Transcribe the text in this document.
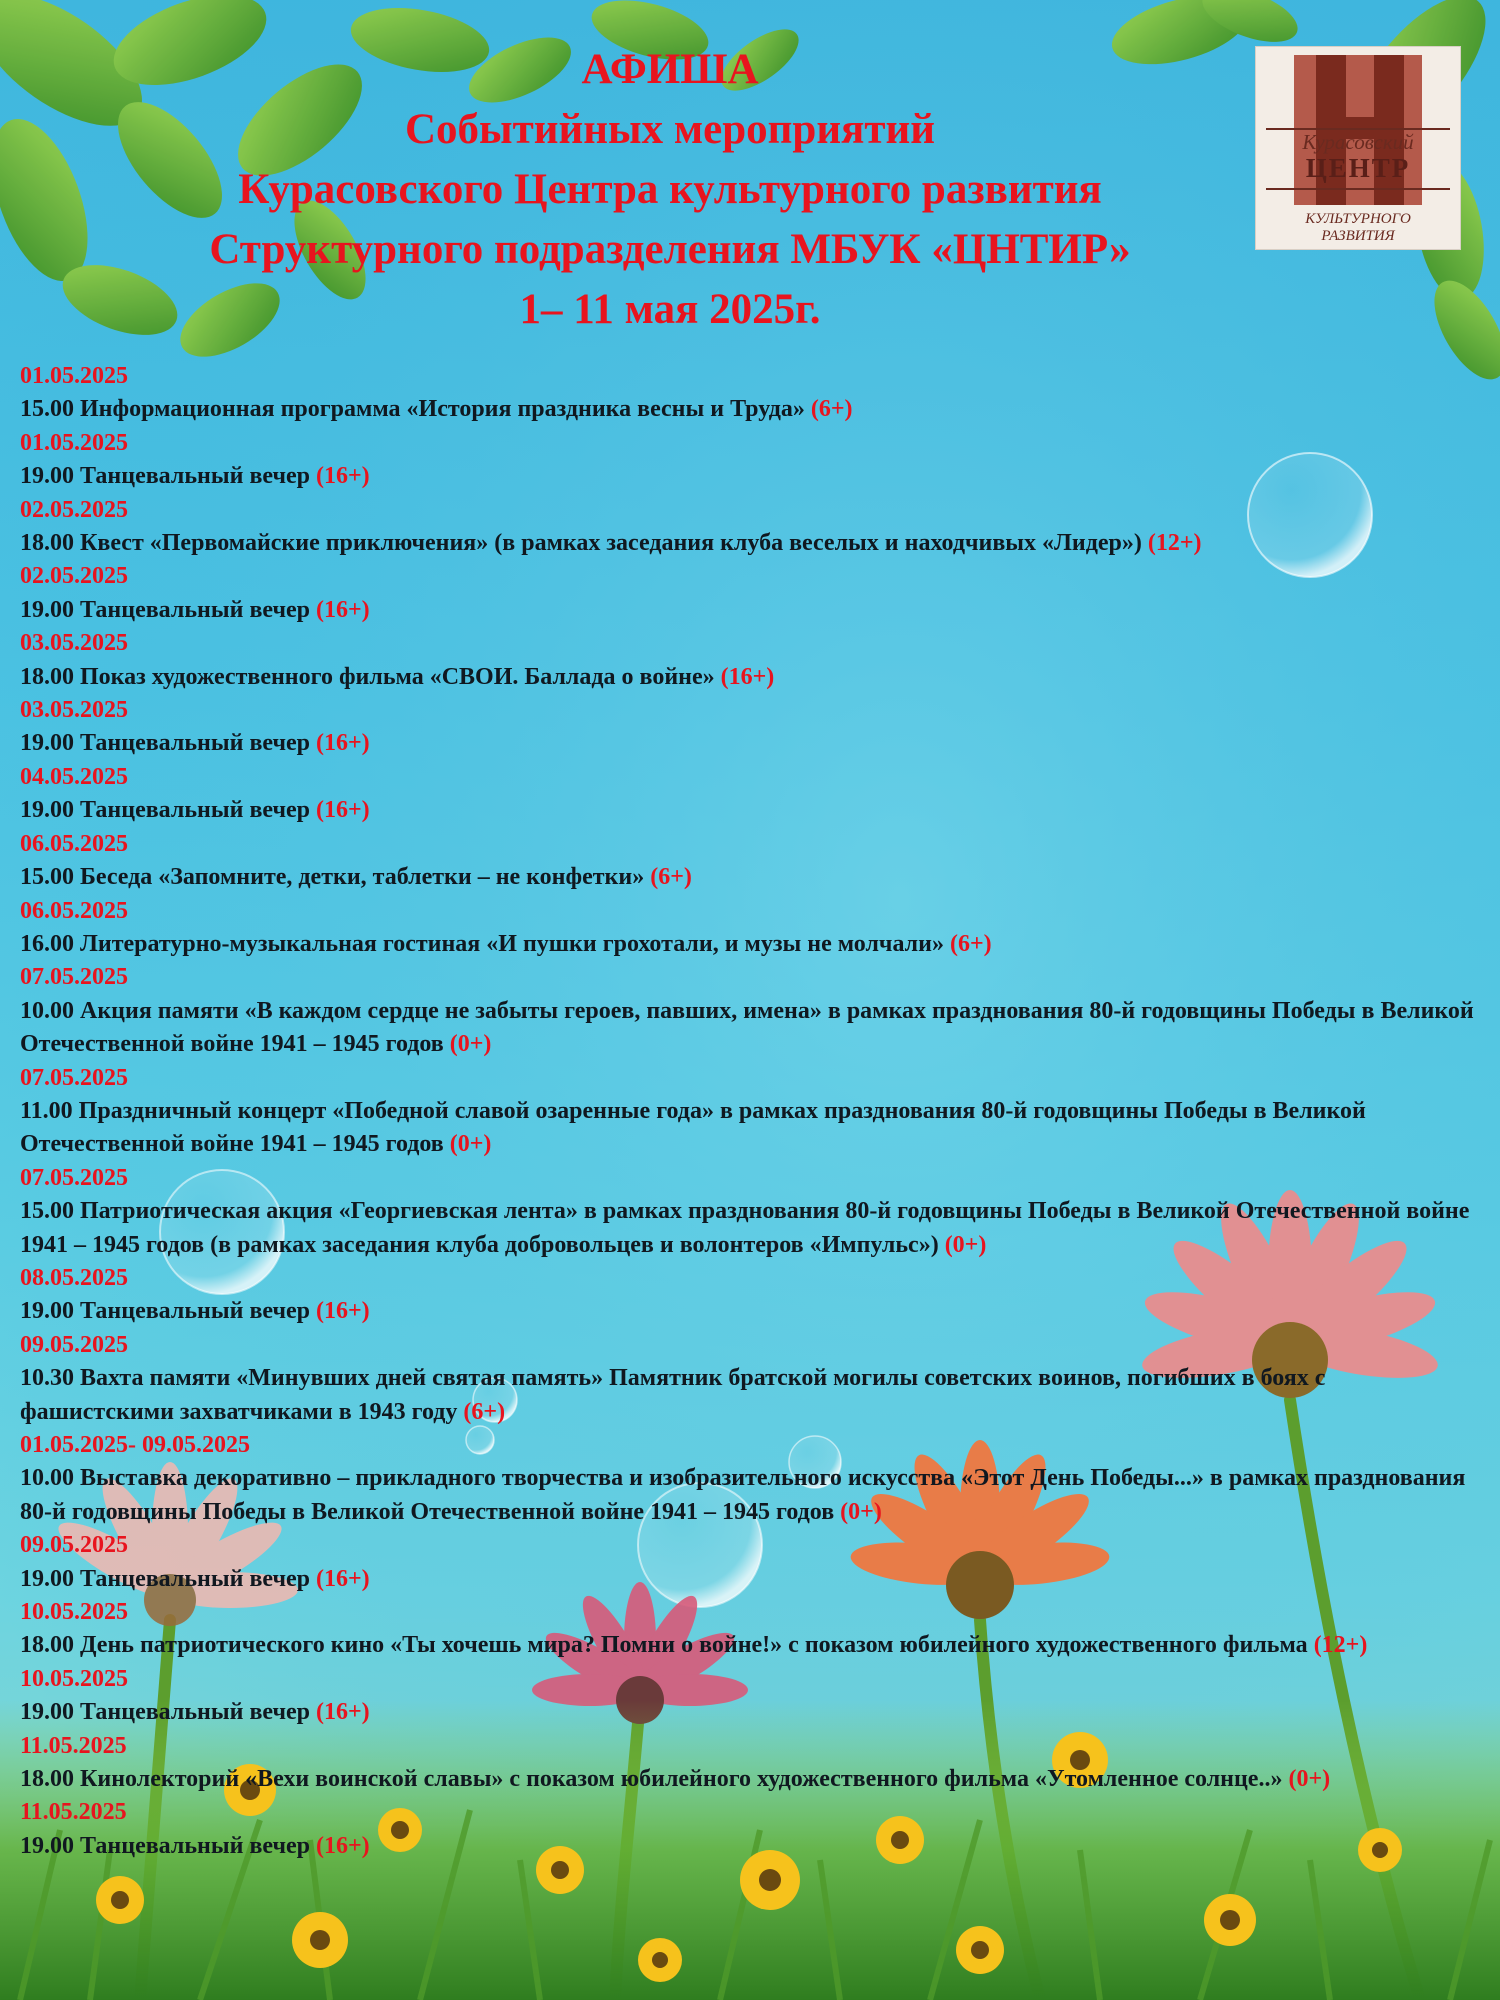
АФИША
Событийных мероприятий
Курасовского Центра культурного развития
Структурного подразделения МБУК «ЦНТИР»
1– 11 мая 2025г.
Курасовский
ЦЕНТР
КУЛЬТУРНОГО
РАЗВИТИЯ
01.05.2025
15.00 Информационная программа «История праздника весны и Труда» (6+)
01.05.2025
19.00 Танцевальный вечер (16+)
02.05.2025
18.00 Квест «Первомайские приключения» (в рамках заседания клуба веселых и находчивых «Лидер») (12+)
02.05.2025
19.00 Танцевальный вечер (16+)
03.05.2025
18.00 Показ художественного фильма «СВОИ. Баллада о войне» (16+)
03.05.2025
19.00 Танцевальный вечер (16+)
04.05.2025
19.00 Танцевальный вечер (16+)
06.05.2025
15.00 Беседа «Запомните, детки, таблетки – не конфетки» (6+)
06.05.2025
16.00 Литературно-музыкальная гостиная «И пушки грохотали, и музы не молчали» (6+)
07.05.2025
10.00 Акция памяти «В каждом сердце не забыты героев, павших, имена» в рамках празднования 80-й годовщины Победы в Великой Отечественной войне 1941 – 1945 годов (0+)
07.05.2025
11.00 Праздничный концерт «Победной славой озаренные года» в рамках празднования 80-й годовщины Победы в Великой Отечественной войне 1941 – 1945 годов (0+)
07.05.2025
15.00 Патриотическая акция «Георгиевская лента» в рамках празднования 80-й годовщины Победы в Великой Отечественной войне 1941 – 1945 годов (в рамках заседания клуба добровольцев и волонтеров «Импульс») (0+)
08.05.2025
19.00 Танцевальный вечер (16+)
09.05.2025
10.30 Вахта памяти «Минувших дней святая память» Памятник братской могилы советских воинов, погибших в боях с фашистскими захватчиками в 1943 году (6+)
01.05.2025- 09.05.2025
10.00 Выставка декоративно – прикладного творчества и изобразительного искусства «Этот День Победы...» в рамках празднования 80-й годовщины Победы в Великой Отечественной войне 1941 – 1945 годов (0+)
09.05.2025
19.00 Танцевальный вечер (16+)
10.05.2025
18.00 День патриотического кино «Ты хочешь мира? Помни о войне!» с показом юбилейного художественного фильма (12+)
10.05.2025
19.00 Танцевальный вечер (16+)
11.05.2025
18.00 Кинолекторий «Вехи воинской славы» с показом юбилейного художественного фильма «Утомленное солнце..» (0+)
11.05.2025
19.00 Танцевальный вечер (16+)
